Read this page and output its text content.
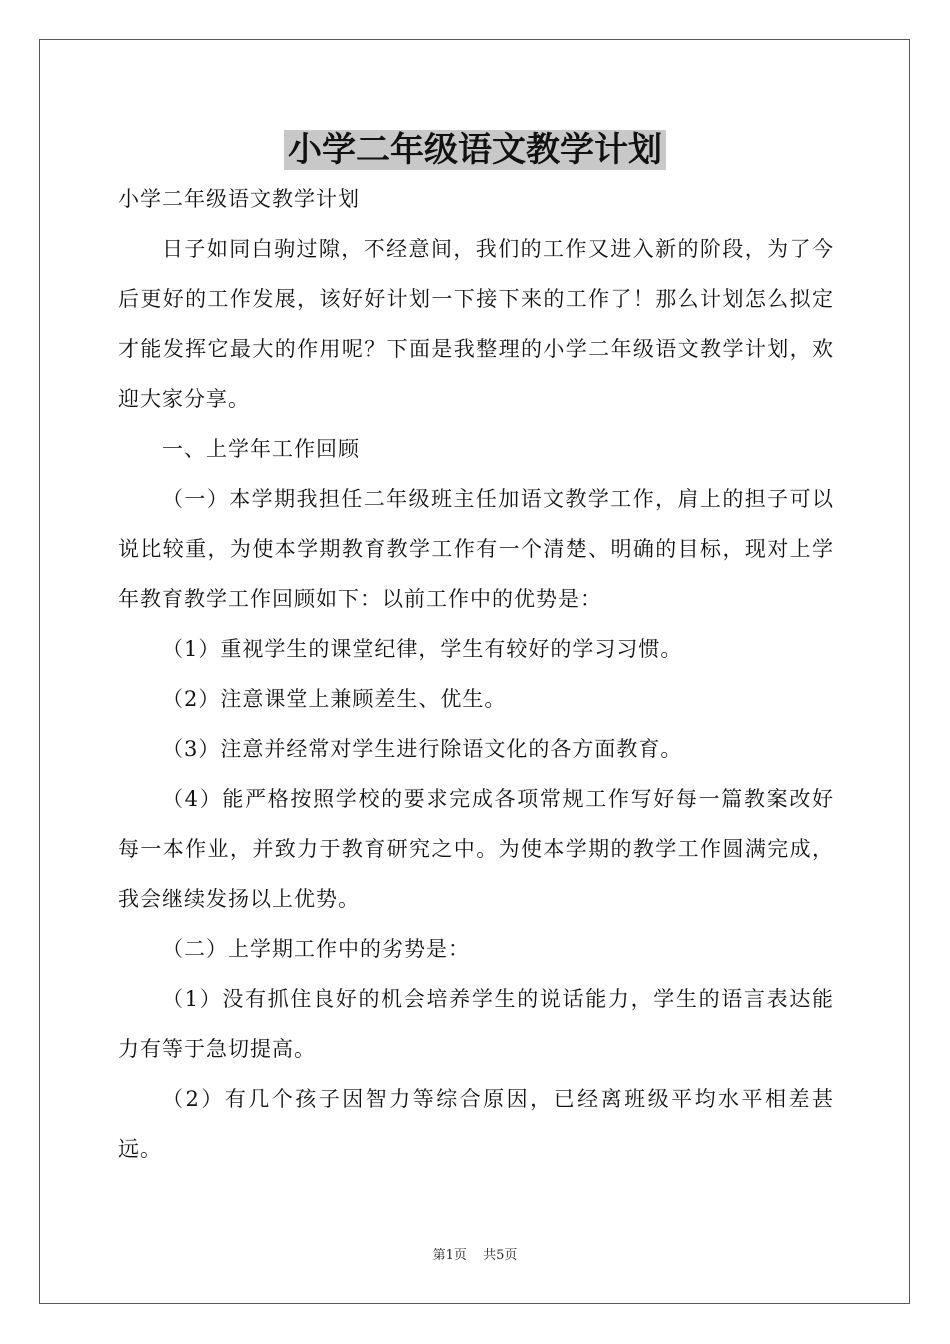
小学二年级语文教学计划

小学二年级语文教学计划

日子如同白驹过隙，不经意间，我们的工作又进入新的阶段，为了今后更好的工作发展，该好好计划一下接下来的工作了！那么计划怎么拟定才能发挥它最大的作用呢？下面是我整理的小学二年级语文教学计划，欢迎大家分享。

一、上学年工作回顾

（一）本学期我担任二年级班主任加语文教学工作，肩上的担子可以说比较重，为使本学期教育教学工作有一个清楚、明确的目标，现对上学年教育教学工作回顾如下：以前工作中的优势是：

（1）重视学生的课堂纪律，学生有较好的学习习惯。

（2）注意课堂上兼顾差生、优生。

（3）注意并经常对学生进行除语文化的各方面教育。

（4）能严格按照学校的要求完成各项常规工作写好每一篇教案改好每一本作业，并致力于教育研究之中。为使本学期的教学工作圆满完成，我会继续发扬以上优势。

（二）上学期工作中的劣势是：

（1）没有抓住良好的机会培养学生的说话能力，学生的语言表达能力有等于急切提高。

（2）有几个孩子因智力等综合原因，已经离班级平均水平相差甚远。

第1页 共5页
